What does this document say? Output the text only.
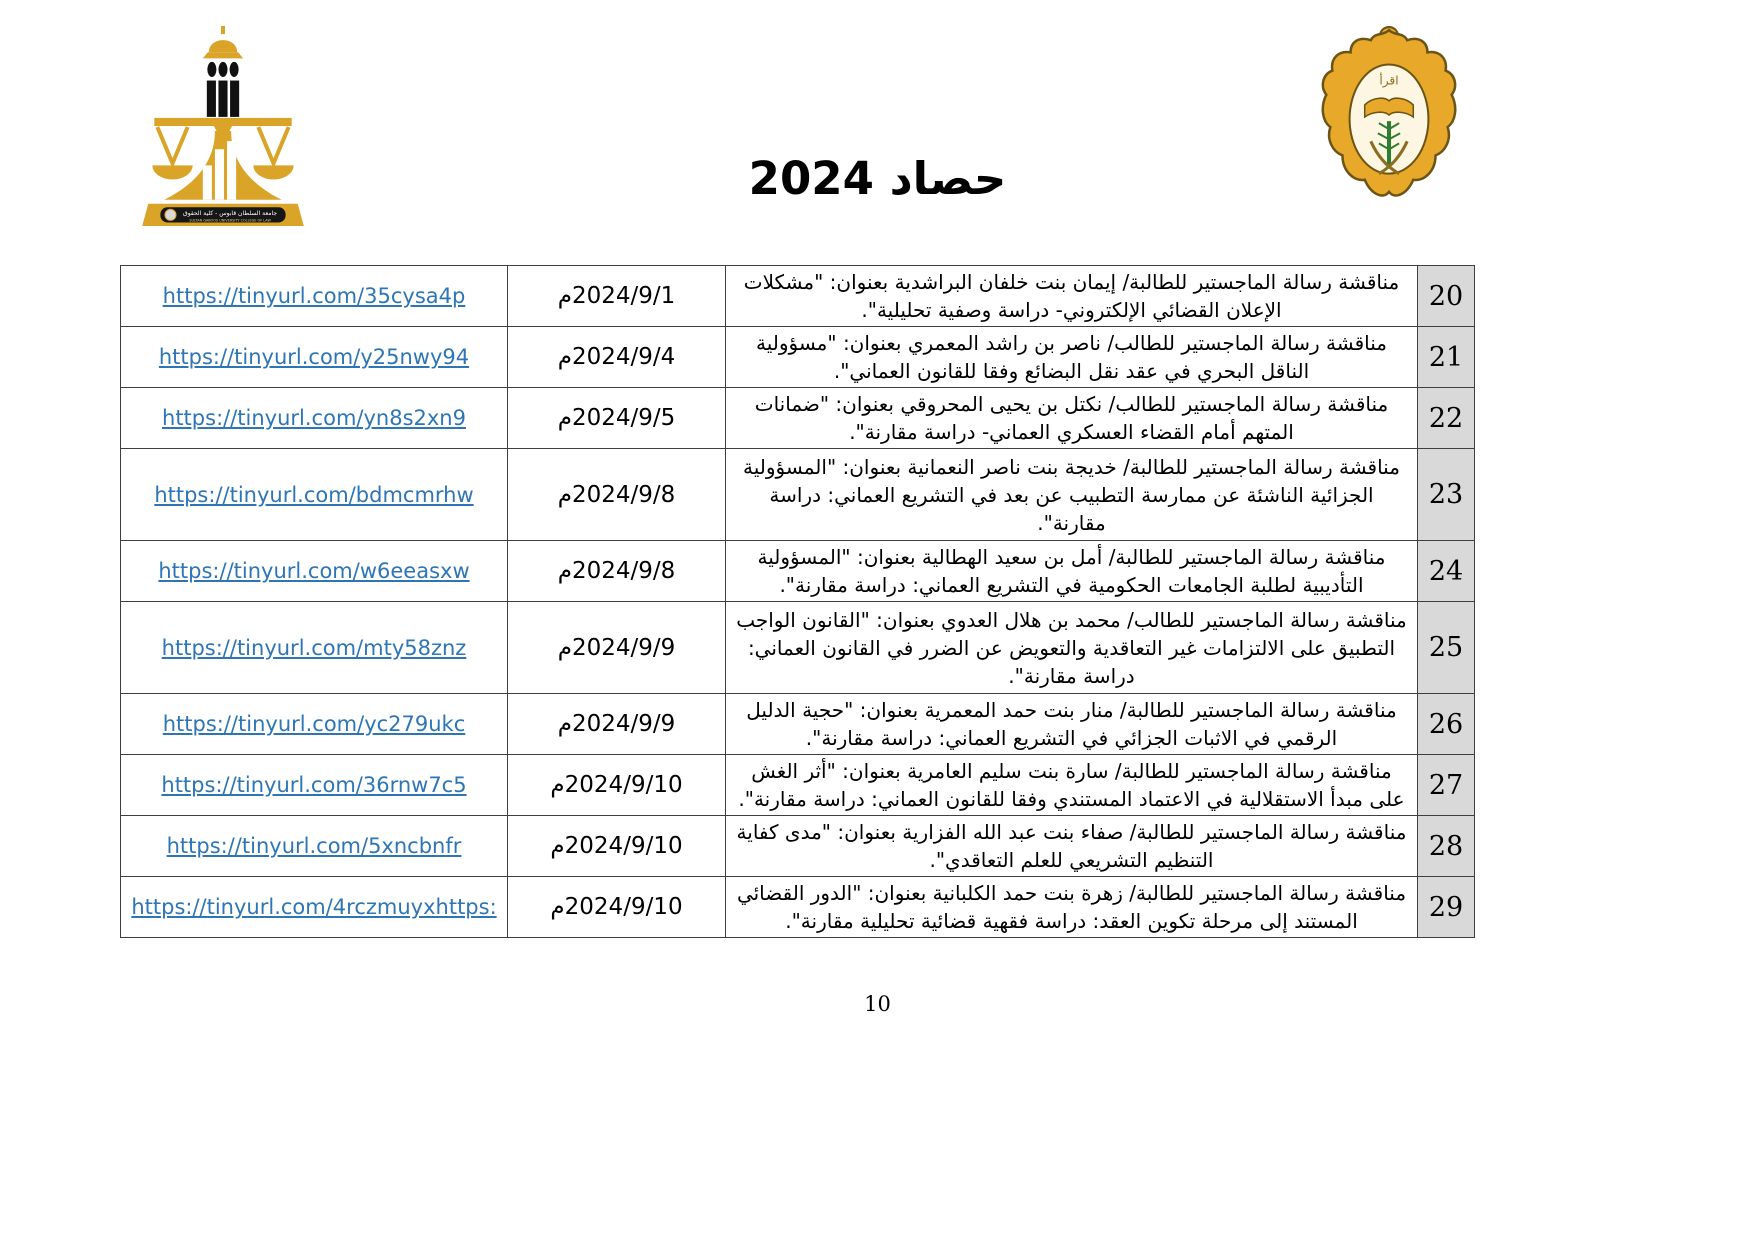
جامعة السلطان قابوس - كلية الحقوق
SULTAN QABOOS UNIVERSITY COLLEGE OF LAW
اقرأ
حصاد 2024
20	مناقشة رسالة الماجستير للطالبة/ إيمان بنت خلفان البراشدية بعنوان: "مشكلات الإعلان القضائي الإلكتروني- دراسة وصفية تحليلية".	2024/9/1م	https://tinyurl.com/35cysa4p
21	مناقشة رسالة الماجستير للطالب/ ناصر بن راشد المعمري بعنوان: "مسؤولية الناقل البحري في عقد نقل البضائع وفقا للقانون العماني".	2024/9/4م	https://tinyurl.com/y25nwy94
22	مناقشة رسالة الماجستير للطالب/ نكتل بن يحيى المحروقي بعنوان: "ضمانات المتهم أمام القضاء العسكري العماني- دراسة مقارنة".	2024/9/5م	https://tinyurl.com/yn8s2xn9
23	مناقشة رسالة الماجستير للطالبة/ خديجة بنت ناصر النعمانية بعنوان: "المسؤولية الجزائية الناشئة عن ممارسة التطبيب عن بعد في التشريع العماني: دراسة مقارنة".	2024/9/8م	https://tinyurl.com/bdmcmrhw
24	مناقشة رسالة الماجستير للطالبة/ أمل بن سعيد الهطالية بعنوان: "المسؤولية التأديبية لطلبة الجامعات الحكومية في التشريع العماني: دراسة مقارنة".	2024/9/8م	https://tinyurl.com/w6eeasxw
25	مناقشة رسالة الماجستير للطالب/ محمد بن هلال العدوي بعنوان: "القانون الواجب التطبيق على الالتزامات غير التعاقدية والتعويض عن الضرر في القانون العماني: دراسة مقارنة".	2024/9/9م	https://tinyurl.com/mty58znz
26	مناقشة رسالة الماجستير للطالبة/ منار بنت حمد المعمرية بعنوان: "حجية الدليل الرقمي في الاثبات الجزائي في التشريع العماني: دراسة مقارنة".	2024/9/9م	https://tinyurl.com/yc279ukc
27	مناقشة رسالة الماجستير للطالبة/ سارة بنت سليم العامرية بعنوان: "أثر الغش على مبدأ الاستقلالية في الاعتماد المستندي وفقا للقانون العماني: دراسة مقارنة".	2024/9/10م	https://tinyurl.com/36rnw7c5
28	مناقشة رسالة الماجستير للطالبة/ صفاء بنت عبد الله الفزارية بعنوان: "مدى كفاية التنظيم التشريعي للعلم التعاقدي".	2024/9/10م	https://tinyurl.com/5xncbnfr
29	مناقشة رسالة الماجستير للطالبة/ زهرة بنت حمد الكلبانية بعنوان: "الدور القضائي المستند إلى مرحلة تكوين العقد: دراسة فقهية قضائية تحليلية مقارنة".	2024/9/10م	https://tinyurl.com/4rczmuyxhttps:
10
